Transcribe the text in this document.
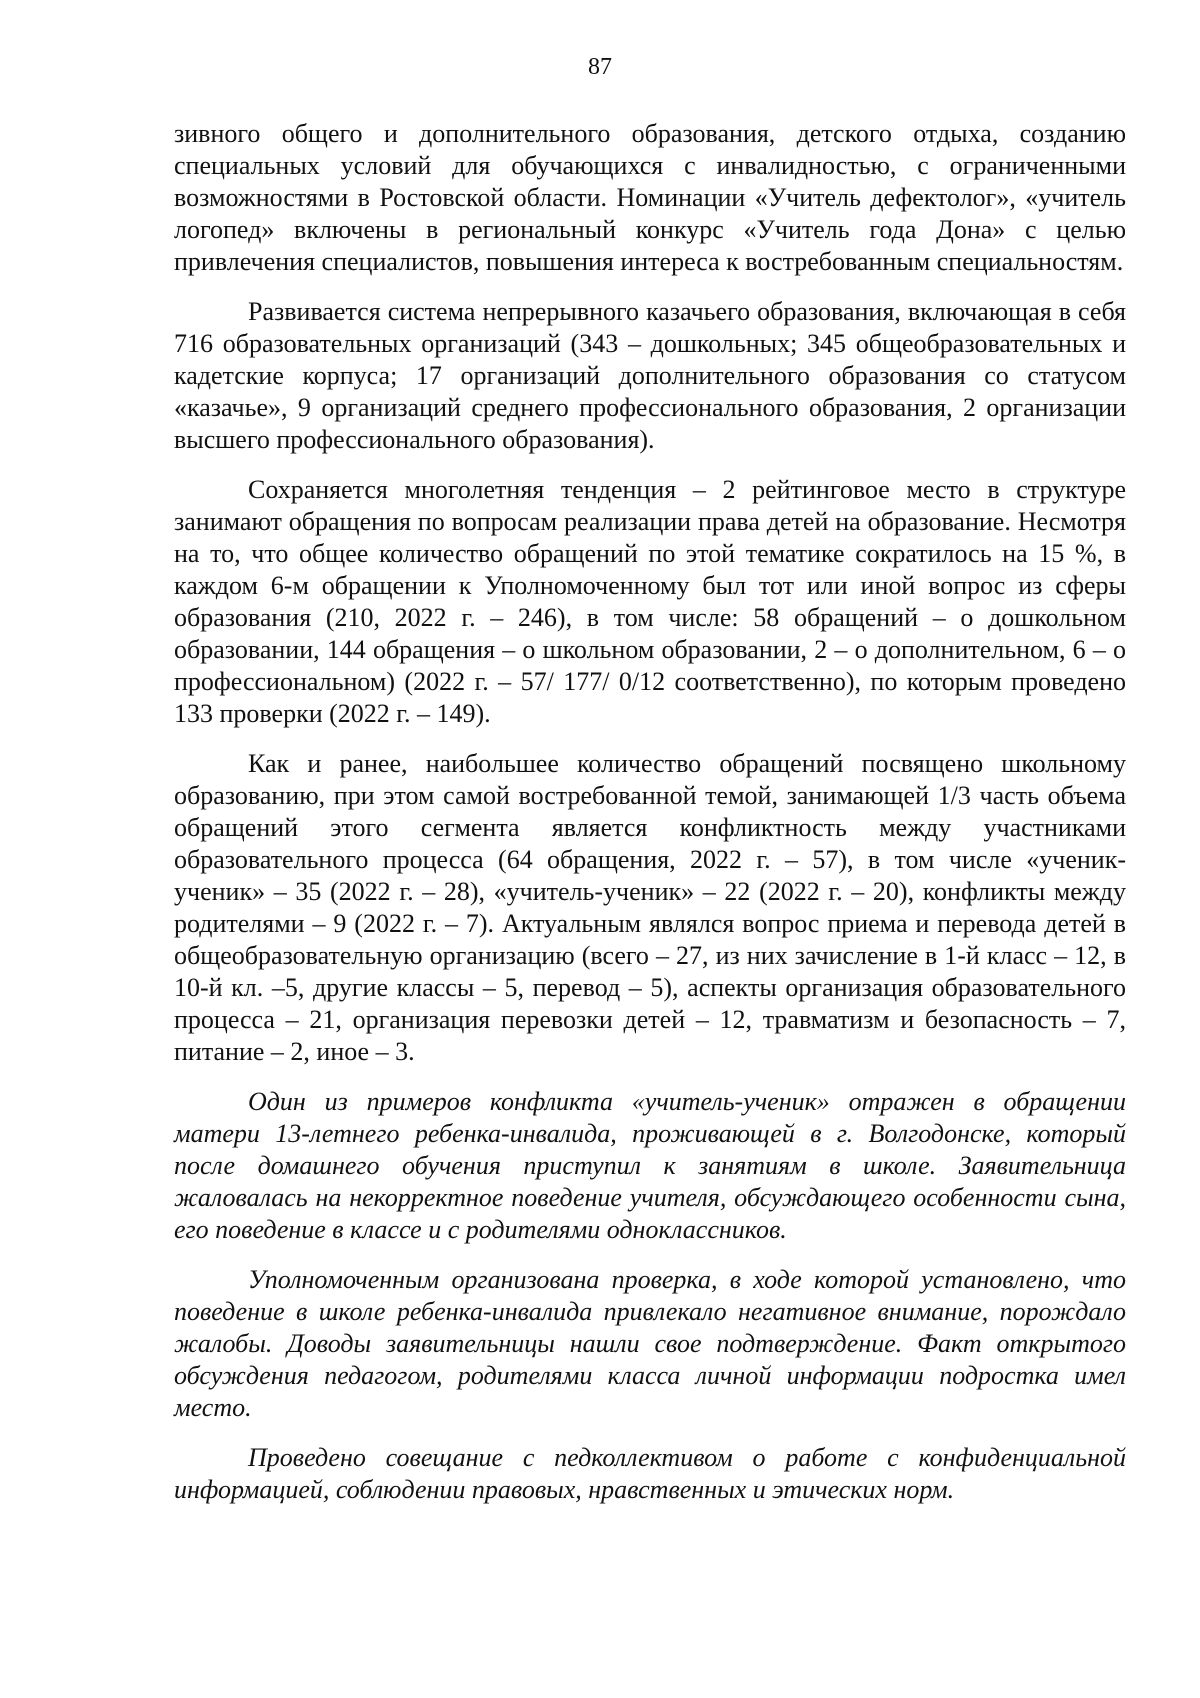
87

зивного общего и дополнительного образования, детского отдыха, созданию специальных условий для обучающихся с инвалидностью, с ограниченными возможностями в Ростовской области. Номинации «Учитель дефектолог», «учитель логопед» включены в региональный конкурс «Учитель года Дона» с целью привлечения специалистов, повышения интереса к востребованным специальностям.

Развивается система непрерывного казачьего образования, включающая в себя 716 образовательных организаций (343 – дошкольных; 345 общеобразовательных и кадетские корпуса; 17 организаций дополнительного образования со статусом «казачье», 9 организаций среднего профессионального образования, 2 организации высшего профессионального образования).

Сохраняется многолетняя тенденция – 2 рейтинговое место в структуре занимают обращения по вопросам реализации права детей на образование. Несмотря на то, что общее количество обращений по этой тематике сократилось на 15 %, в каждом 6-м обращении к Уполномоченному был тот или иной вопрос из сферы образования (210, 2022 г. – 246), в том числе: 58 обращений – о дошкольном образовании, 144 обращения – о школьном образовании, 2 – о дополнительном, 6 – о профессиональном) (2022 г. – 57/ 177/ 0/12 соответственно), по которым проведено 133 проверки (2022 г. – 149).

Как и ранее, наибольшее количество обращений посвящено школьному образованию, при этом самой востребованной темой, занимающей 1/3 часть объема обращений этого сегмента является конфликтность между участниками образовательного процесса (64 обращения, 2022 г. – 57), в том числе «ученик-ученик» – 35 (2022 г. – 28), «учитель-ученик» – 22 (2022 г. – 20), конфликты между родителями – 9 (2022 г. – 7). Актуальным являлся вопрос приема и перевода детей в общеобразовательную организацию (всего – 27, из них зачисление в 1-й класс – 12, в 10-й кл. –5, другие классы – 5, перевод – 5), аспекты организация образовательного процесса – 21, организация перевозки детей – 12, травматизм и безопасность – 7, питание – 2, иное – 3.

Один из примеров конфликта «учитель-ученик» отражен в обращении матери 13-летнего ребенка-инвалида, проживающей в г. Волгодонске, который после домашнего обучения приступил к занятиям в школе. Заявительница жаловалась на некорректное поведение учителя, обсуждающего особенности сына, его поведение в классе и с родителями одноклассников.

Уполномоченным организована проверка, в ходе которой установлено, что поведение в школе ребенка-инвалида привлекало негативное внимание, порождало жалобы. Доводы заявительницы нашли свое подтверждение. Факт открытого обсуждения педагогом, родителями класса личной информации подростка имел место.

Проведено совещание с педколлективом о работе с конфиденциальной информацией, соблюдении правовых, нравственных и этических норм.
